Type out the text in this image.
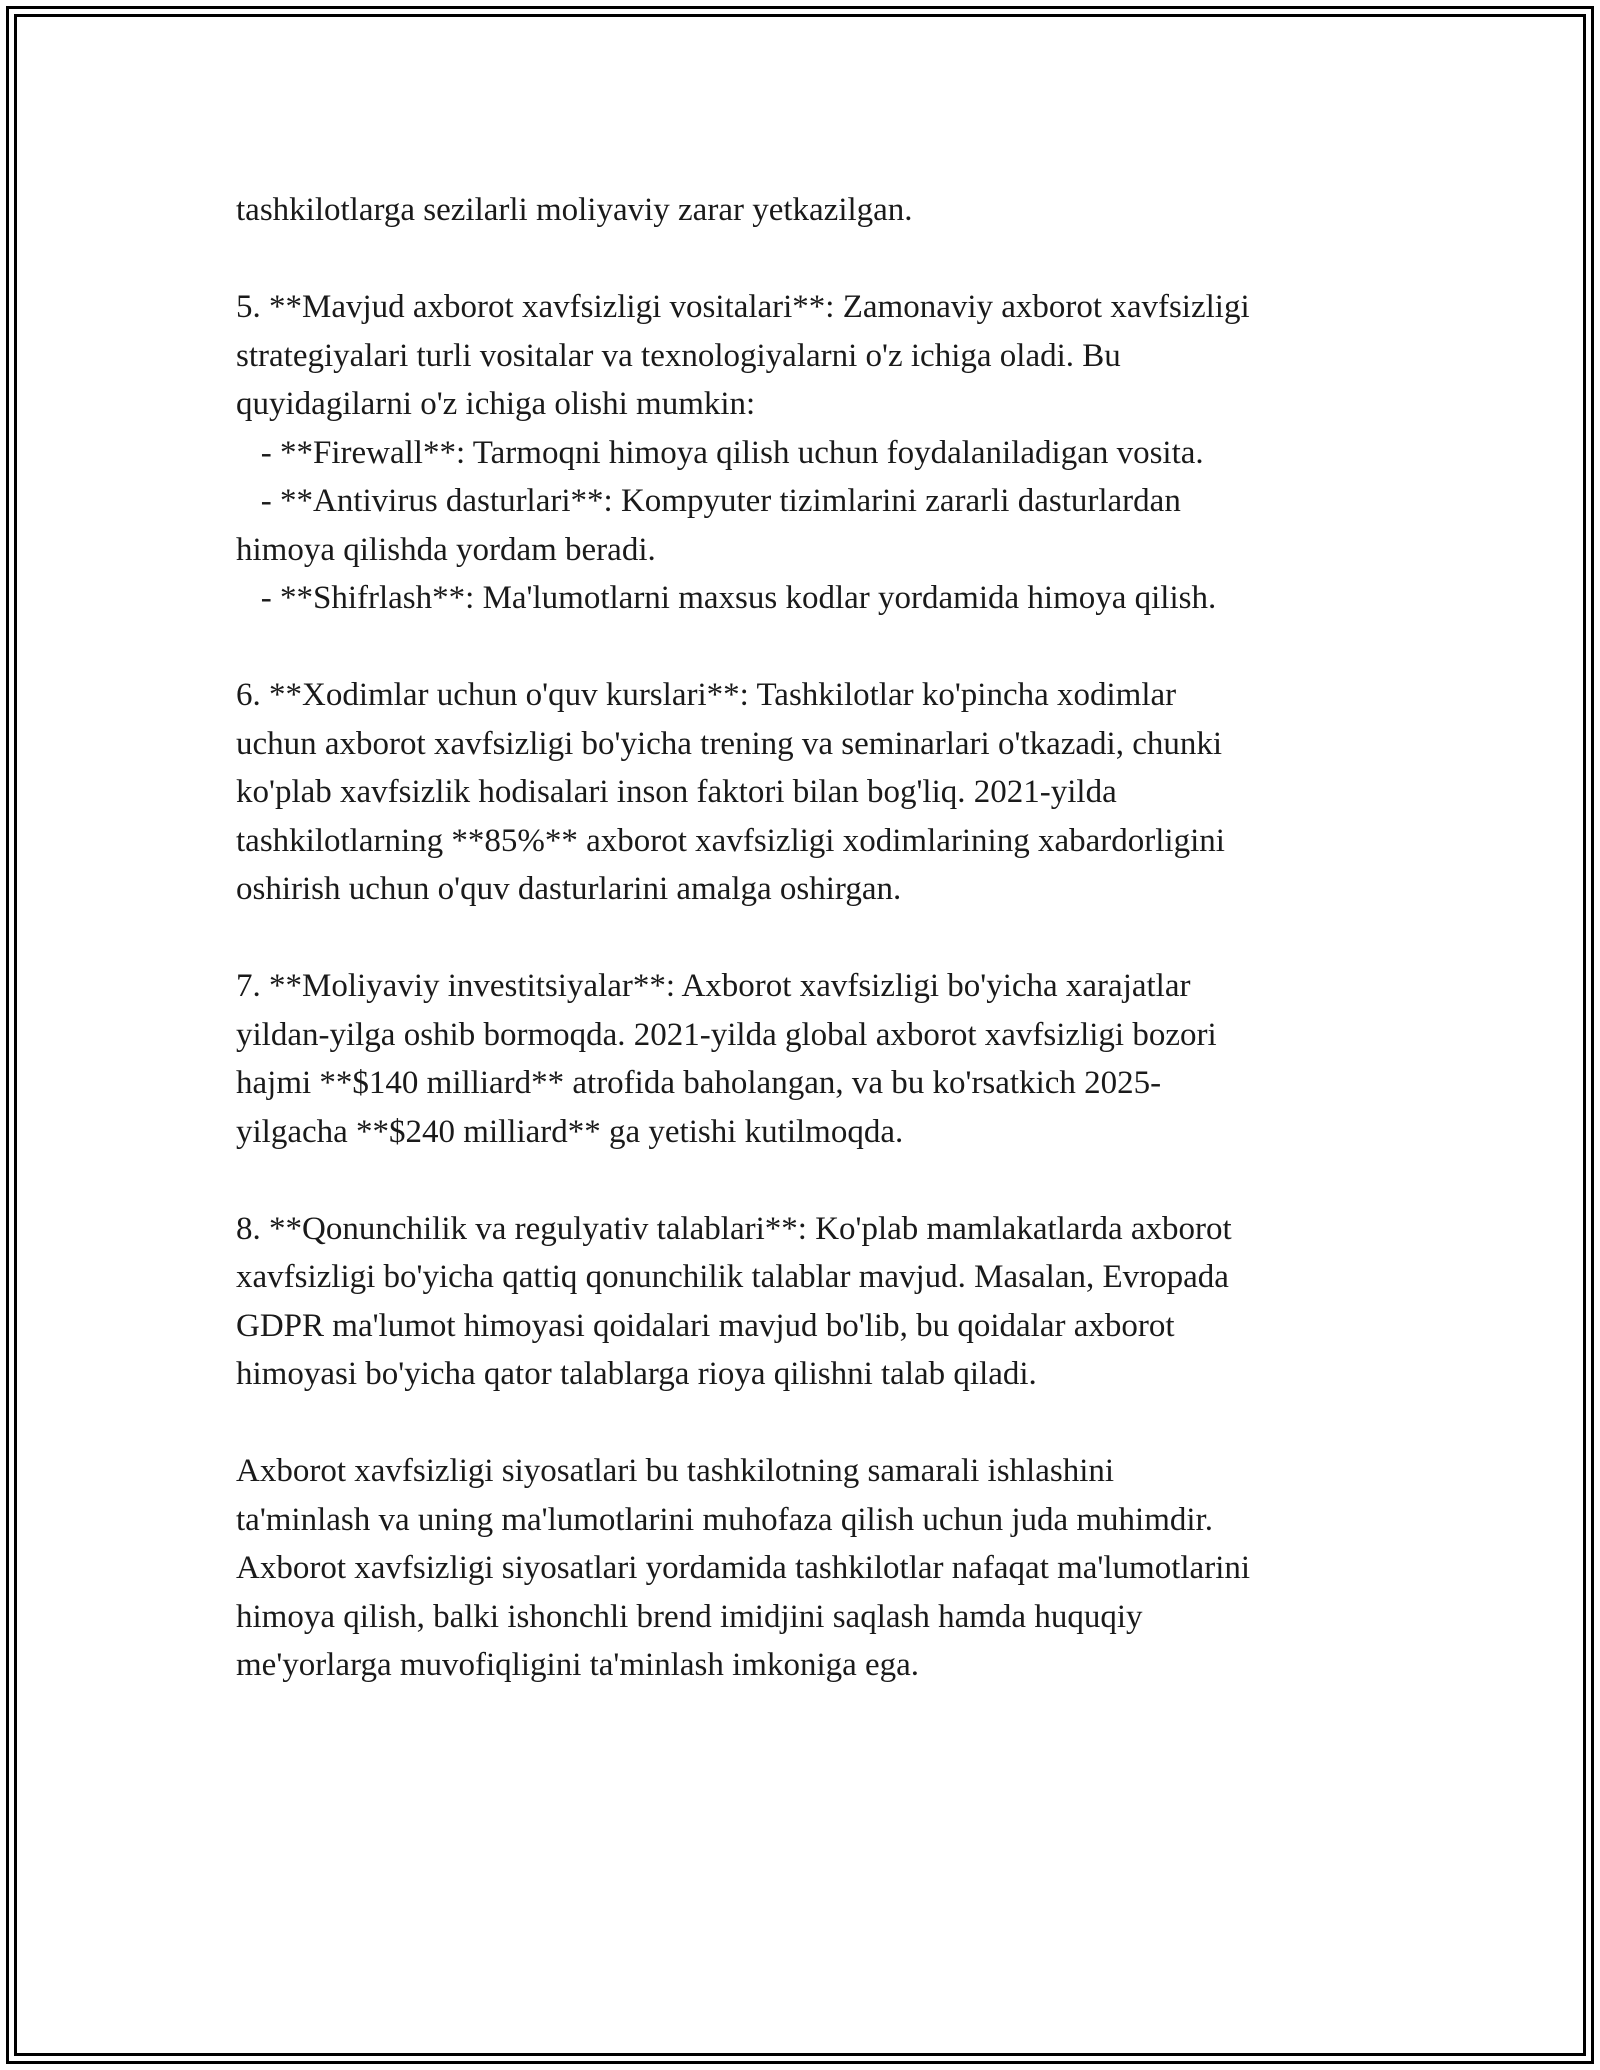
tashkilotlarga sezilarli moliyaviy zarar yetkazilgan.
5. **Mavjud axborot xavfsizligi vositalari**: Zamonaviy axborot xavfsizligi
strategiyalari turli vositalar va texnologiyalarni o'z ichiga oladi. Bu
quyidagilarni o'z ichiga olishi mumkin:
- **Firewall**: Tarmoqni himoya qilish uchun foydalaniladigan vosita.
- **Antivirus dasturlari**: Kompyuter tizimlarini zararli dasturlardan
himoya qilishda yordam beradi.
- **Shifrlash**: Ma'lumotlarni maxsus kodlar yordamida himoya qilish.
6. **Xodimlar uchun o'quv kurslari**: Tashkilotlar ko'pincha xodimlar
uchun axborot xavfsizligi bo'yicha trening va seminarlari o'tkazadi, chunki
ko'plab xavfsizlik hodisalari inson faktori bilan bog'liq. 2021-yilda
tashkilotlarning **85%** axborot xavfsizligi xodimlarining xabardorligini
oshirish uchun o'quv dasturlarini amalga oshirgan.
7. **Moliyaviy investitsiyalar**: Axborot xavfsizligi bo'yicha xarajatlar
yildan-yilga oshib bormoqda. 2021-yilda global axborot xavfsizligi bozori
hajmi **$140 milliard** atrofida baholangan, va bu ko'rsatkich 2025-
yilgacha **$240 milliard** ga yetishi kutilmoqda.
8. **Qonunchilik va regulyativ talablari**: Ko'plab mamlakatlarda axborot
xavfsizligi bo'yicha qattiq qonunchilik talablar mavjud. Masalan, Evropada
GDPR ma'lumot himoyasi qoidalari mavjud bo'lib, bu qoidalar axborot
himoyasi bo'yicha qator talablarga rioya qilishni talab qiladi.
Axborot xavfsizligi siyosatlari bu tashkilotning samarali ishlashini
ta'minlash va uning ma'lumotlarini muhofaza qilish uchun juda muhimdir.
Axborot xavfsizligi siyosatlari yordamida tashkilotlar nafaqat ma'lumotlarini
himoya qilish, balki ishonchli brend imidjini saqlash hamda huquqiy
me'yorlarga muvofiqligini ta'minlash imkoniga ega.
